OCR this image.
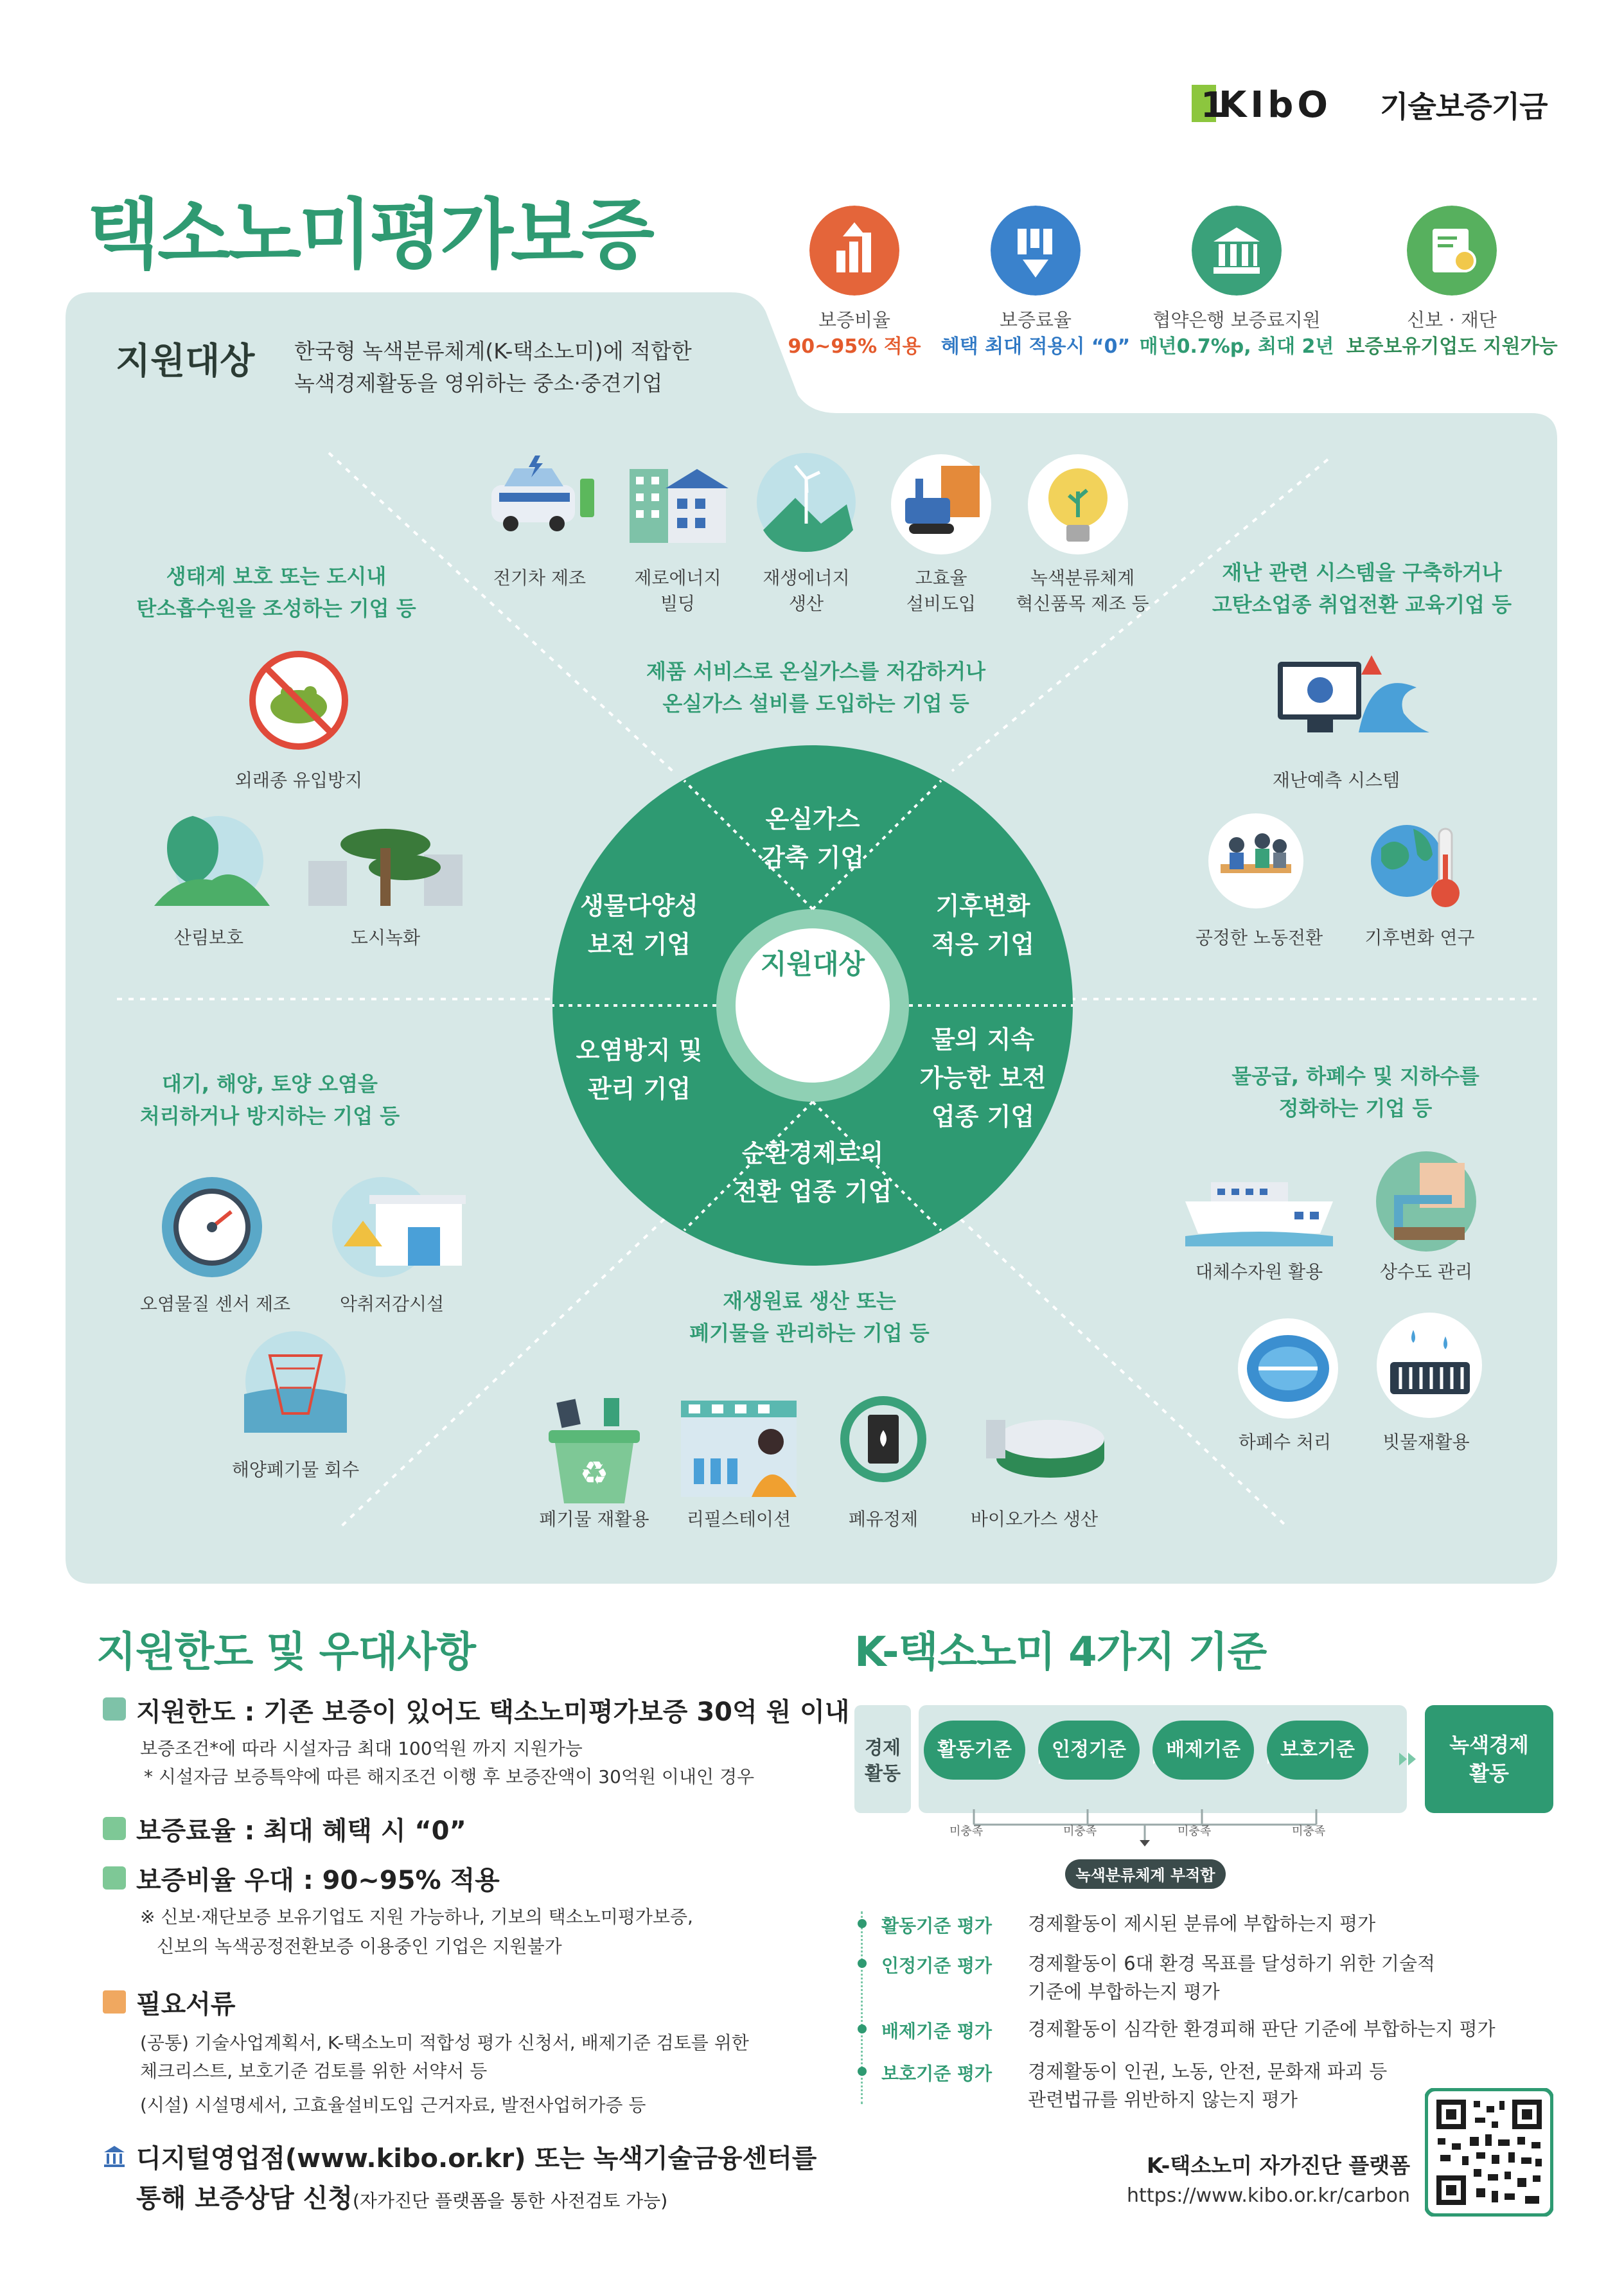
1
KIbO 기술보증기금
택소노미평가보증
보증비율
90~95% 적용
보증료율
혜택 최대 적용시 “0”
협약은행 보증료지원
매년0.7%p, 최대 2년
신보 · 재단
보증보유기업도 지원가능
지원대상 한국형 녹색분류체계(K-택소노미)에 적합한
녹색경제활동을 영위하는 중소·중견기업
생태계 보호 또는 도시내
탄소흡수원을 조성하는 기업 등
제품 서비스로 온실가스를 저감하거나
온실가스 설비를 도입하는 기업 등
재난 관련 시스템을 구축하거나
고탄소업종 취업전환 교육기업 등
대기, 해양, 토양 오염을
처리하거나 방지하는 기업 등
물공급, 하폐수 및 지하수를
정화하는 기업 등
재생원료 생산 또는
폐기물을 관리하는 기업 등
전기차 제조	제로에너지
빌딩
재생에너지
생산
고효율
설비도입
녹색분류체계
혁신품목 제조 등
외래종 유입방지
산림보호	도시녹화
재난예측 시스템
공정한 노동전환	기후변화 연구
오염물질 센서 제조	악취저감시설
해양폐기물 회수
대체수자원 활용	상수도 관리
하폐수 처리	빗물재활용
♻
폐기물 재활용	리필스테이션	폐유정제	바이오가스 생산
지원대상
온실가스
감축 기업
기후변화
적응 기업
물의 지속
가능한 보전
업종 기업
순환경제로의
전환 업종 기업
오염방지 및
관리 기업
생물다양성
보전 기업
지원한도 및 우대사항
지원한도 : 기존 보증이 있어도 택소노미평가보증 30억 원 이내
보증조건*에 따라 시설자금 최대 100억원 까지 지원가능
* 시설자금 보증특약에 따른 해지조건 이행 후 보증잔액이 30억원 이내인 경우
보증료율 : 최대 혜택 시 “0”
보증비율 우대 : 90~95% 적용
※ 신보·재단보증 보유기업도 지원 가능하나, 기보의 택소노미평가보증,
신보의 녹색공정전환보증 이용중인 기업은 지원불가
필요서류
(공통) 기술사업계획서, K-택소노미 적합성 평가 신청서, 배제기준 검토를 위한
체크리스트, 보호기준 검토를 위한 서약서 등
(시설) 시설명세서, 고효율설비도입 근거자료, 발전사업허가증 등
디지털영업점(www.kibo.or.kr) 또는 녹색기술금융센터를
통해 보증상담 신청(자가진단 플랫폼을 통한 사전검토 가능)
K-택소노미 4가지 기준
경제
활동
활동기준	인정기준	배제기준	보호기준	녹색경제
활동
미충족	미충족	미충족	미충족
녹색분류체계 부적합
활동기준 평가 경제활동이 제시된 분류에 부합하는지 평가
인정기준 평가 경제활동이 6대 환경 목표를 달성하기 위한 기술적
기준에 부합하는지 평가
배제기준 평가 경제활동이 심각한 환경피해 판단 기준에 부합하는지 평가
보호기준 평가 경제활동이 인권, 노동, 안전, 문화재 파괴 등
관련법규를 위반하지 않는지 평가
K-택소노미 자가진단 플랫폼
https://www.kibo.or.kr/carbon
